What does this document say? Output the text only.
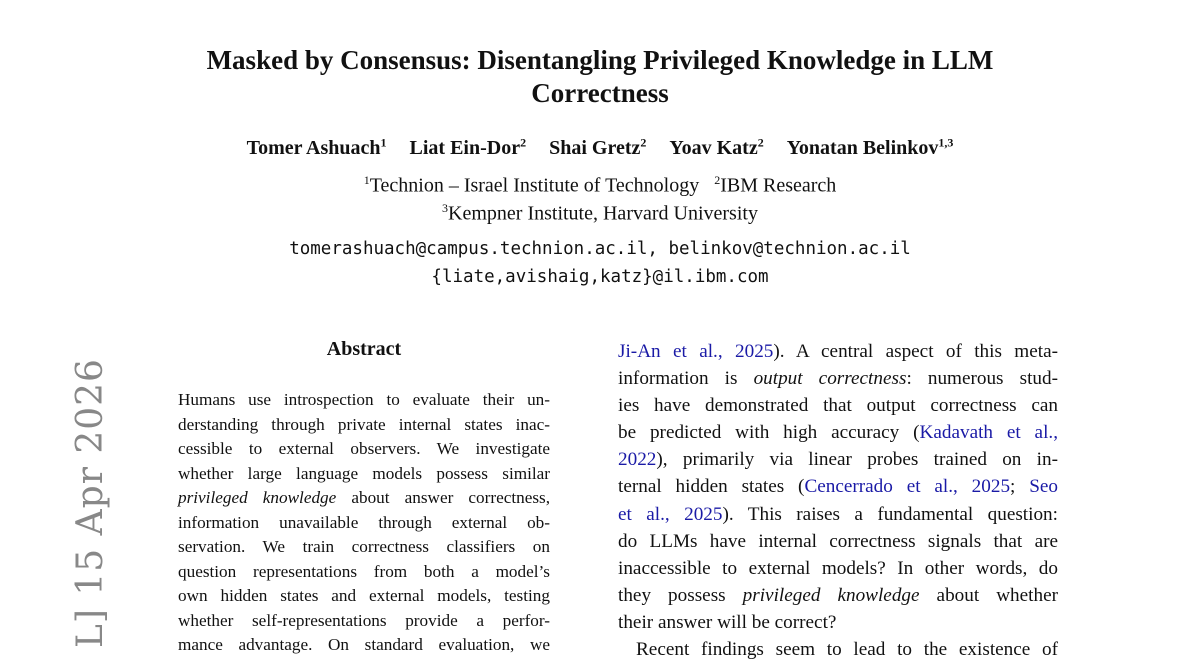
L] 15 Apr 2026
Masked by Consensus: Disentangling Privileged Knowledge in LLM
Correctness
Tomer Ashuach$^1$ Liat Ein-Dor$^2$ Shai Gretz$^2$ Yoav Katz$^2$ Yonatan Belinkov$^{1,3}$
$^1$Technion – Israel Institute of Technology $^2$IBM Research
$^3$Kempner Institute, Harvard University
tomerashuach@campus.technion.ac.il, belinkov@technion.ac.il
{liate,avishaig,katz}@il.ibm.com
Abstract
Humans use introspection to evaluate their un-
derstanding through private internal states inac-
cessible to external observers. We investigate
whether large language models possess similar
privileged knowledge about answer correctness,
information unavailable through external ob-
servation. We train correctness classifiers on
question representations from both a model’s
own hidden states and external models, testing
whether self-representations provide a perfor-
mance advantage. On standard evaluation, we
Ji-An et al., 2025). A central aspect of this meta-
information is output correctness: numerous stud-
ies have demonstrated that output correctness can
be predicted with high accuracy (Kadavath et al.,
2022), primarily via linear probes trained on in-
ternal hidden states (Cencerrado et al., 2025; Seo
et al., 2025). This raises a fundamental question:
do LLMs have internal correctness signals that are
inaccessible to external models? In other words, do
they possess privileged knowledge about whether
their answer will be correct?
Recent findings seem to lead to the existence of
